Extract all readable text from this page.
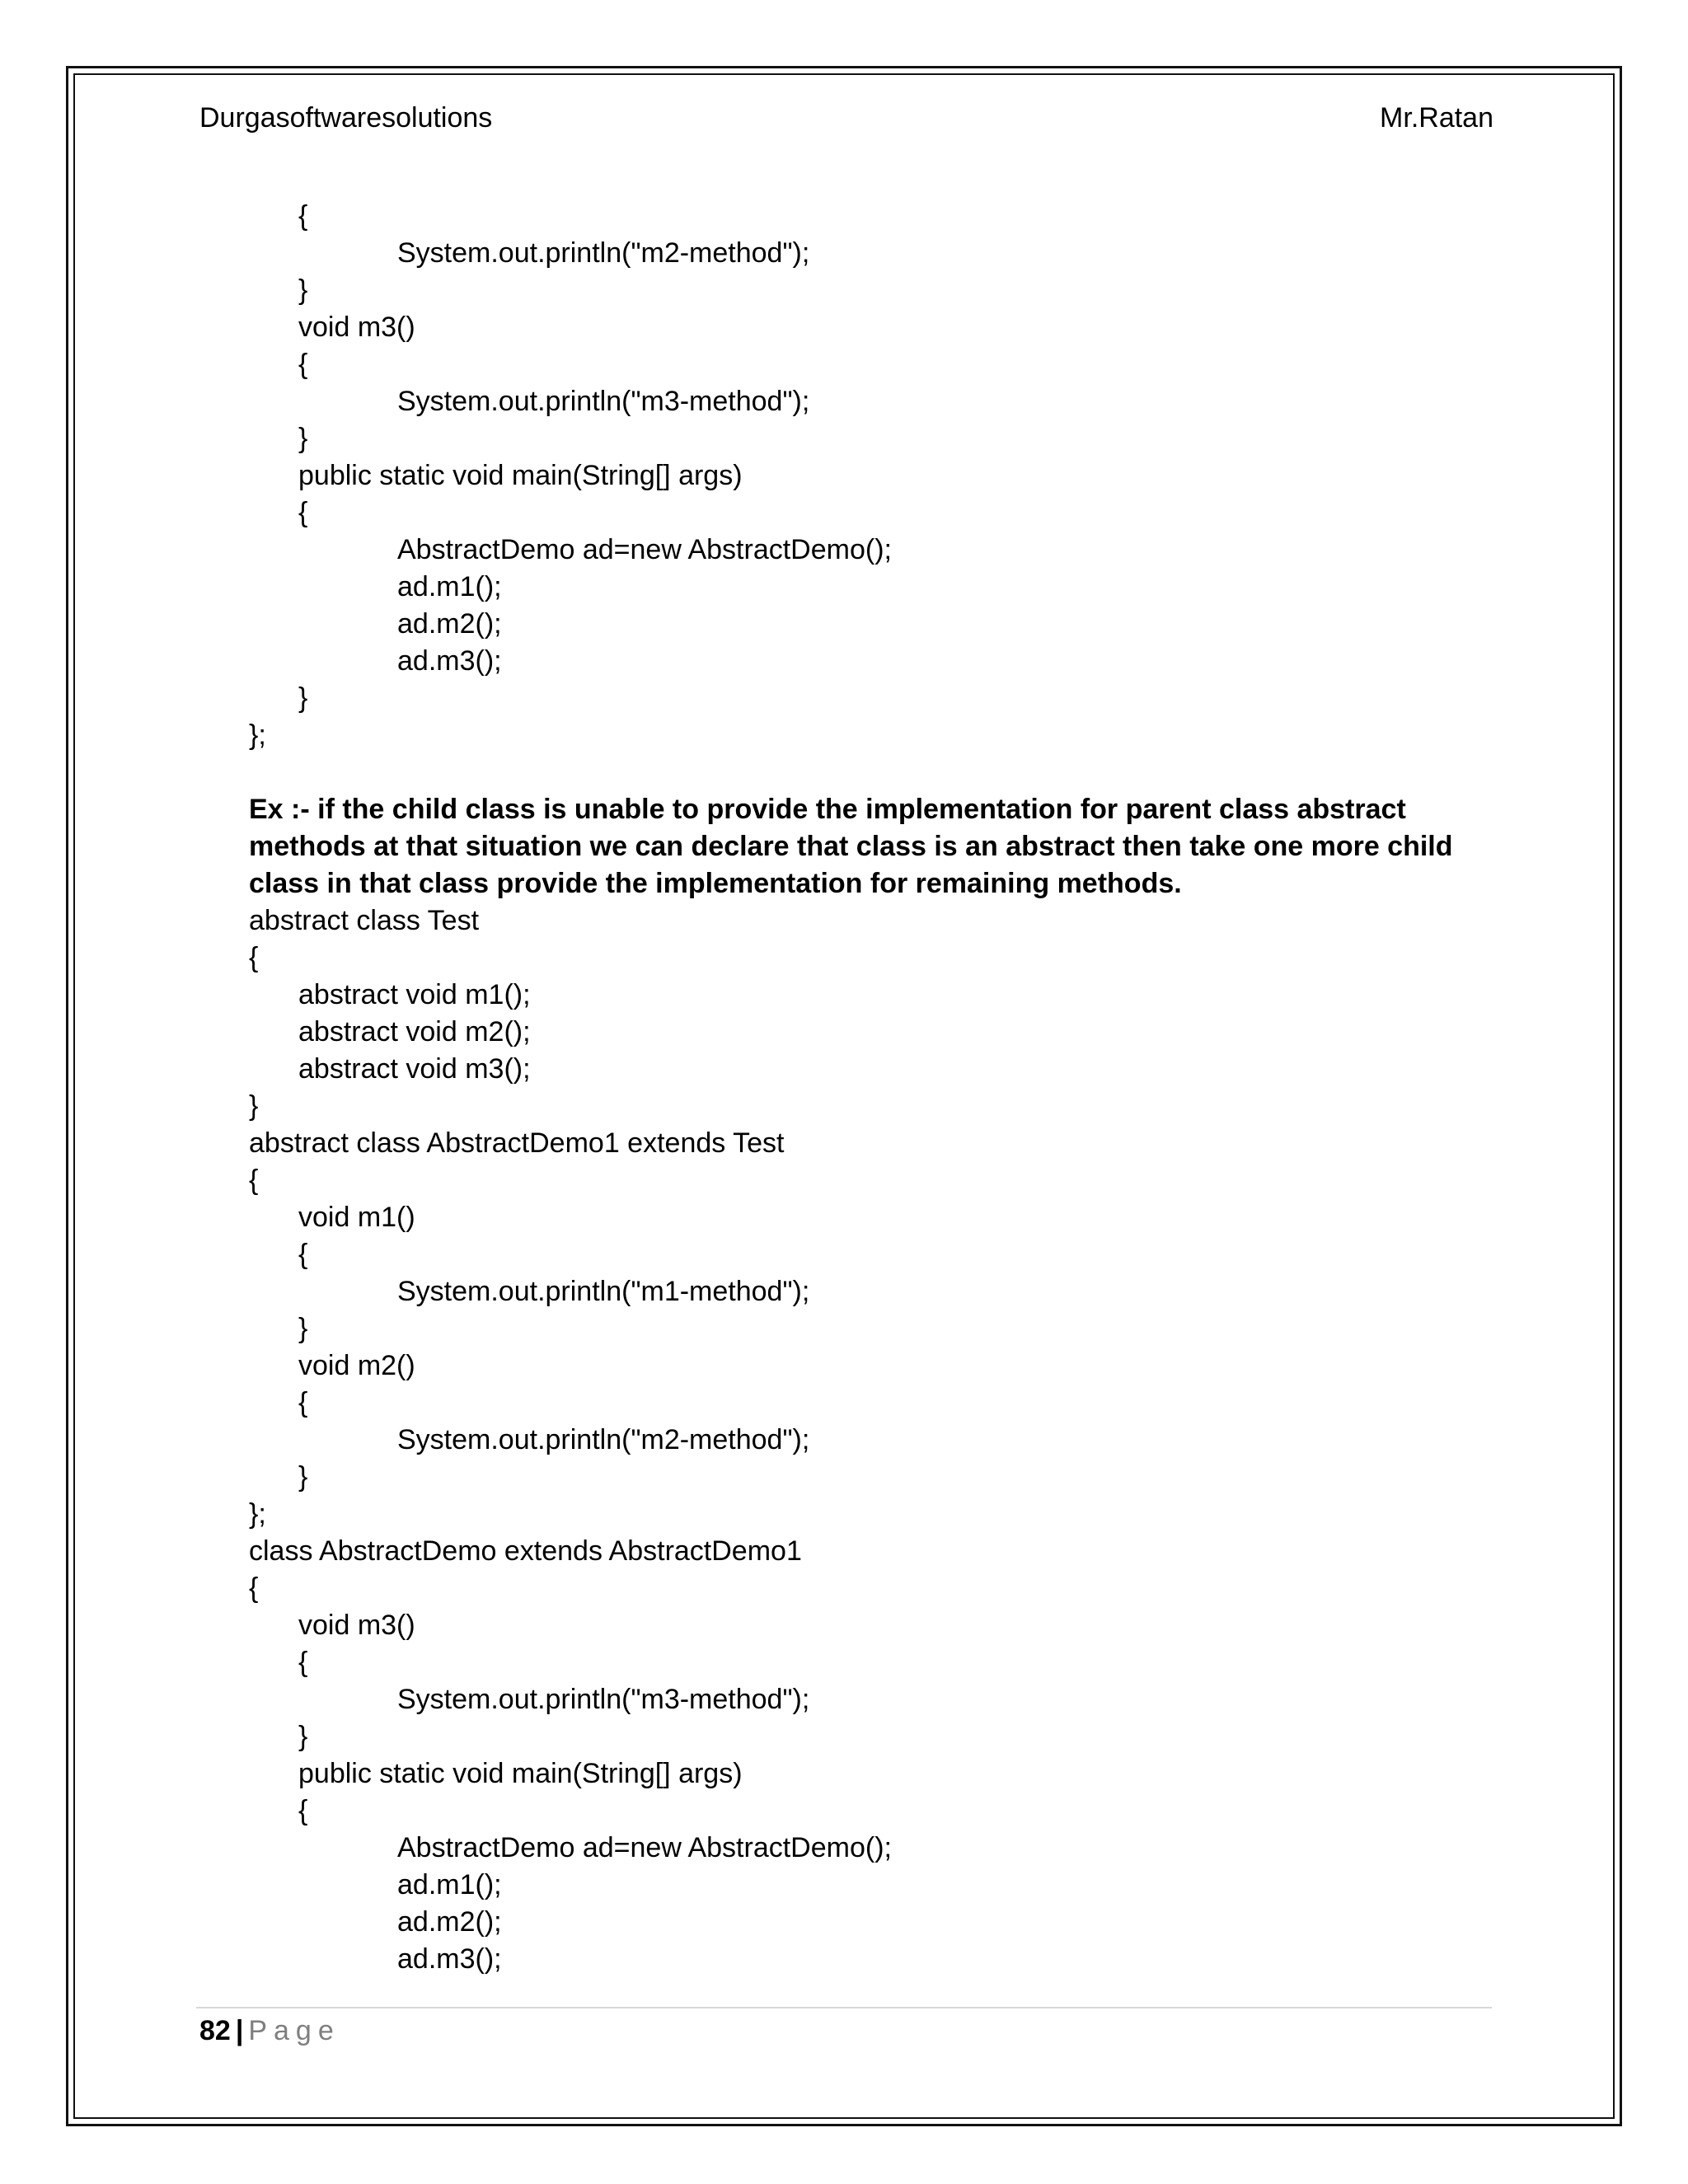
Durgasoftwaresolutions	Mr.Ratan
{
System.out.println("m2-method");
}
void m3()
{
System.out.println("m3-method");
}
public static void main(String[] args)
{
AbstractDemo ad=new AbstractDemo();
ad.m1();
ad.m2();
ad.m3();
}
};
Ex :- if the child class is unable to provide the implementation for parent class abstract methods at that situation we can declare that class is an abstract then take one more child class in that class provide the implementation for remaining methods.
abstract class Test
{
abstract void m1();
abstract void m2();
abstract void m3();
}
abstract class AbstractDemo1 extends Test
{
void m1()
{
System.out.println("m1-method");
}
void m2()
{
System.out.println("m2-method");
}
};
class AbstractDemo extends AbstractDemo1
{
void m3()
{
System.out.println("m3-method");
}
public static void main(String[] args)
{
AbstractDemo ad=new AbstractDemo();
ad.m1();
ad.m2();
ad.m3();
82 | Page
